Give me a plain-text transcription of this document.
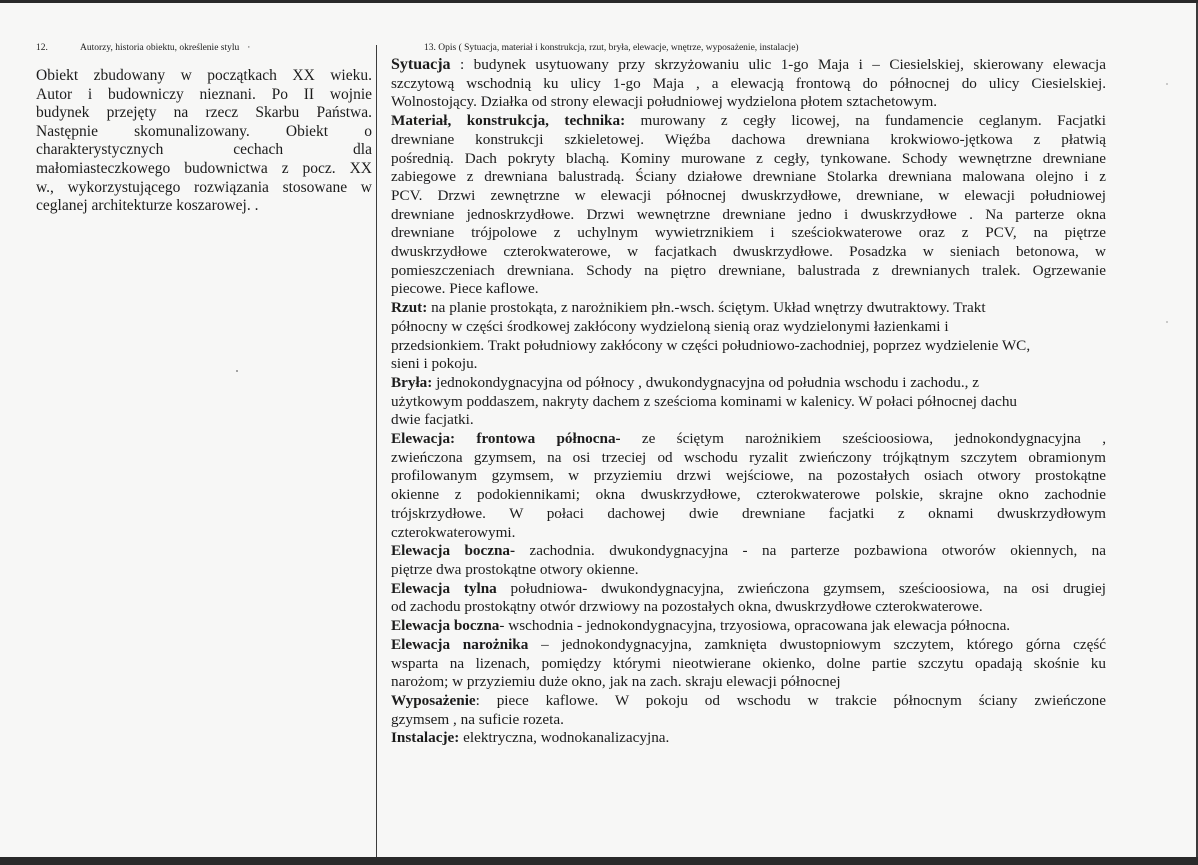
12.	Autorzy, historia obiektu, określenie stylu ·
Obiekt zbudowany w początkach XX wieku.
Autor i budowniczy nieznani. Po II wojnie
budynek przejęty na rzecz Skarbu Państwa.
Następnie skomunalizowany. Obiekt o
charakterystycznych cechach dla
małomiasteczkowego budownictwa z pocz. XX
w., wykorzystującego rozwiązania stosowane w
ceglanej architekturze koszarowej. .
13. Opis ( Sytuacja, materiał i konstrukcja, rzut, bryła, elewacje, wnętrze, wyposażenie, instalacje)
Sytuacja : budynek usytuowany przy skrzyżowaniu ulic 1-go Maja i – Ciesielskiej, skierowany elewacja
szczytową wschodnią ku ulicy 1-go Maja , a elewacją frontową do północnej do ulicy Ciesielskiej.
Wolnostojący. Działka od strony elewacji południowej wydzielona płotem sztachetowym.
Materiał, konstrukcja, technika: murowany z cegły licowej, na fundamencie ceglanym. Facjatki
drewniane konstrukcji szkieletowej. Więźba dachowa drewniana krokwiowo-jętkowa z płatwią
pośrednią. Dach pokryty blachą. Kominy murowane z cegły, tynkowane. Schody wewnętrzne drewniane
zabiegowe z drewniana balustradą. Ściany działowe drewniane Stolarka drewniana malowana olejno i z
PCV. Drzwi zewnętrzne w elewacji północnej dwuskrzydłowe, drewniane, w elewacji południowej
drewniane jednoskrzydłowe. Drzwi wewnętrzne drewniane jedno i dwuskrzydłowe . Na parterze okna
drewniane trójpolowe z uchylnym wywietrznikiem i sześciokwaterowe oraz z PCV, na piętrze
dwuskrzydłowe czterokwaterowe, w facjatkach dwuskrzydłowe. Posadzka w sieniach betonowa, w
pomieszczeniach drewniana. Schody na piętro drewniane, balustrada z drewnianych tralek. Ogrzewanie
piecowe. Piece kaflowe.
Rzut: na planie prostokąta, z narożnikiem płn.-wsch. ściętym. Układ wnętrzy dwutraktowy. Trakt
północny w części środkowej zakłócony wydzieloną sienią oraz wydzielonymi łazienkami i
przedsionkiem. Trakt południowy zakłócony w części południowo-zachodniej, poprzez wydzielenie WC,
sieni i pokoju.
Bryła: jednokondygnacyjna od północy , dwukondygnacyjna od południa wschodu i zachodu., z
użytkowym poddaszem, nakryty dachem z sześcioma kominami w kalenicy. W połaci północnej dachu
dwie facjatki.
Elewacja: frontowa północna- ze ściętym narożnikiem sześcioosiowa, jednokondygnacyjna ,
zwieńczona gzymsem, na osi trzeciej od wschodu ryzalit zwieńczony trójkątnym szczytem obramionym
profilowanym gzymsem, w przyziemiu drzwi wejściowe, na pozostałych osiach otwory prostokątne
okienne z podokiennikami; okna dwuskrzydłowe, czterokwaterowe polskie, skrajne okno zachodnie
trójskrzydłowe. W połaci dachowej dwie drewniane facjatki z oknami dwuskrzydłowym
czterokwaterowymi.
Elewacja boczna- zachodnia. dwukondygnacyjna - na parterze pozbawiona otworów okiennych, na
piętrze dwa prostokątne otwory okienne.
Elewacja tylna południowa- dwukondygnacyjna, zwieńczona gzymsem, sześcioosiowa, na osi drugiej
od zachodu prostokątny otwór drzwiowy na pozostałych okna, dwuskrzydłowe czterokwaterowe.
Elewacja boczna- wschodnia - jednokondygnacyjna, trzyosiowa, opracowana jak elewacja północna.
Elewacja narożnika – jednokondygnacyjna, zamknięta dwustopniowym szczytem, którego górna część
wsparta na lizenach, pomiędzy którymi nieotwierane okienko, dolne partie szczytu opadają skośnie ku
narożom; w przyziemiu duże okno, jak na zach. skraju elewacji północnej
Wyposażenie: piece kaflowe. W pokoju od wschodu w trakcie północnym ściany zwieńczone
gzymsem , na suficie rozeta.
Instalacje: elektryczna, wodnokanalizacyjna.
